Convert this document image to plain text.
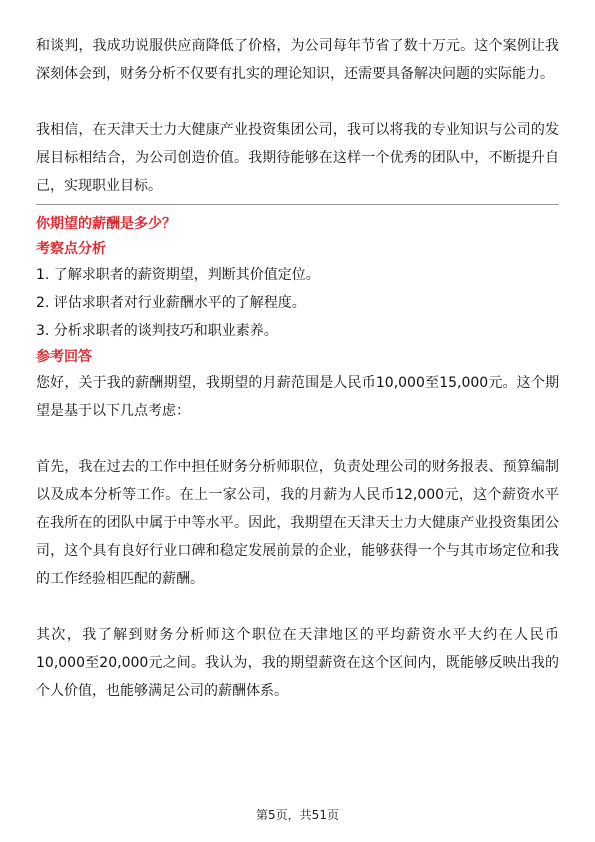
和谈判，我成功说服供应商降低了价格，为公司每年节省了数十万元。这个案例让我深刻体会到，财务分析不仅要有扎实的理论知识，还需要具备解决问题的实际能力。

我相信，在天津天士力大健康产业投资集团公司，我可以将我的专业知识与公司的发展目标相结合，为公司创造价值。我期待能够在这样一个优秀的团队中，不断提升自己，实现职业目标。

你期望的薪酬是多少？

考察点分析

1. 了解求职者的薪资期望，判断其价值定位。
2. 评估求职者对行业薪酬水平的了解程度。
3. 分析求职者的谈判技巧和职业素养。

参考回答

您好，关于我的薪酬期望，我期望的月薪范围是人民币10,000至15,000元。这个期望是基于以下几点考虑：

首先，我在过去的工作中担任财务分析师职位，负责处理公司的财务报表、预算编制以及成本分析等工作。在上一家公司，我的月薪为人民币12,000元，这个薪资水平在我所在的团队中属于中等水平。因此，我期望在天津天士力大健康产业投资集团公司，这个具有良好行业口碑和稳定发展前景的企业，能够获得一个与其市场定位和我的工作经验相匹配的薪酬。

其次，我了解到财务分析师这个职位在天津地区的平均薪资水平大约在人民币10,000至20,000元之间。我认为，我的期望薪资在这个区间内，既能够反映出我的个人价值，也能够满足公司的薪酬体系。

第5页，共51页
